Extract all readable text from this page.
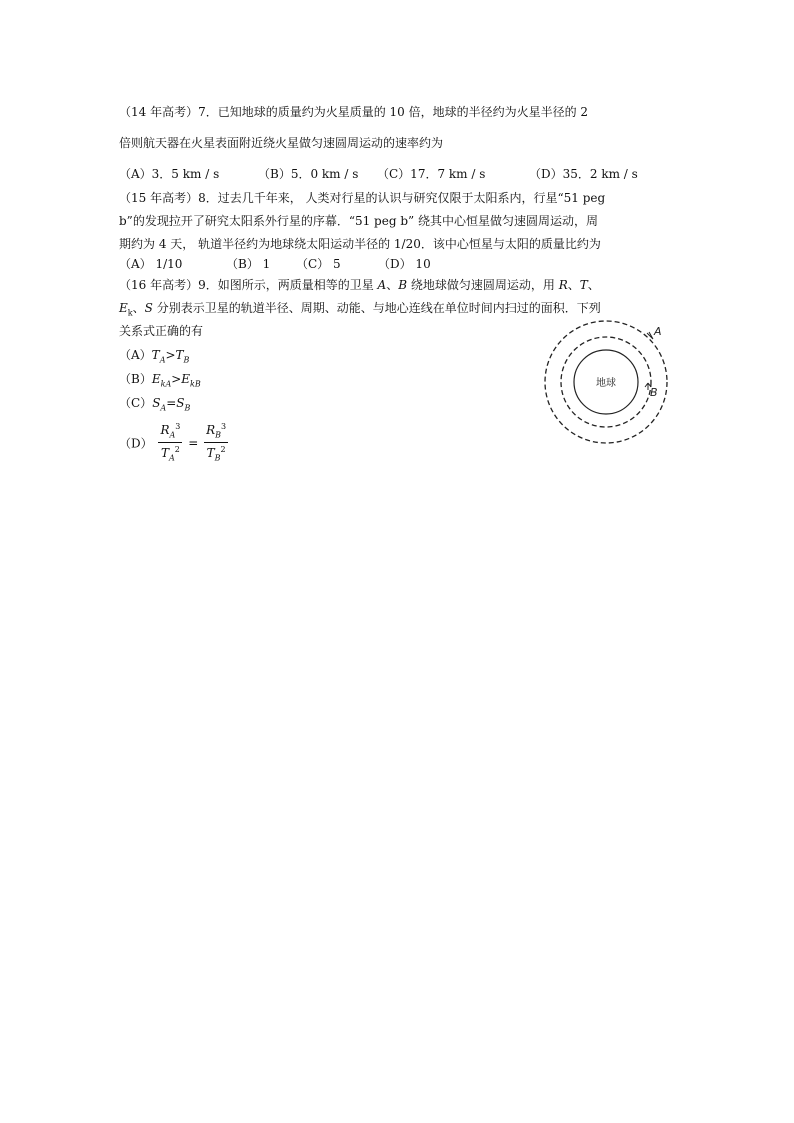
（14 年高考）7．已知地球的质量约为火星质量的 10 倍，地球的半径约为火星半径的 2
倍则航天器在火星表面附近绕火星做匀速圆周运动的速率约为
（A）3．5 km / s	（B）5．0 km / s （C）17．7 km / s	（D）35．2 km / s
（15 年高考）8．过去几千年来， 人类对行星的认识与研究仅限于太阳系内，行星“51 peg
b”的发现拉开了研究太阳系外行星的序幕．“51 peg b” 绕其中心恒星做匀速圆周运动，周
期约为 4 天， 轨道半径约为地球绕太阳运动半径的 1/20．该中心恒星与太阳的质量比约为
（A） 1/10	（B） 1 （C） 5	（D） 10
（16 年高考）9．如图所示，两质量相等的卫星 A、B 绕地球做匀速圆周运动，用 R、T、
$E_k$、S 分别表示卫星的轨道半径、周期、动能、与地心连线在单位时间内扫过的面积．下列
关系式正确的有
$(A)T_A>T_B$
$(B)E_{kA}>E_{kB}$
$(C)S_A=S_B$
$(D) \frac{R_A^3}{T_A^2} = \frac{R_B^3}{T_B^2}$
地球
A
B
